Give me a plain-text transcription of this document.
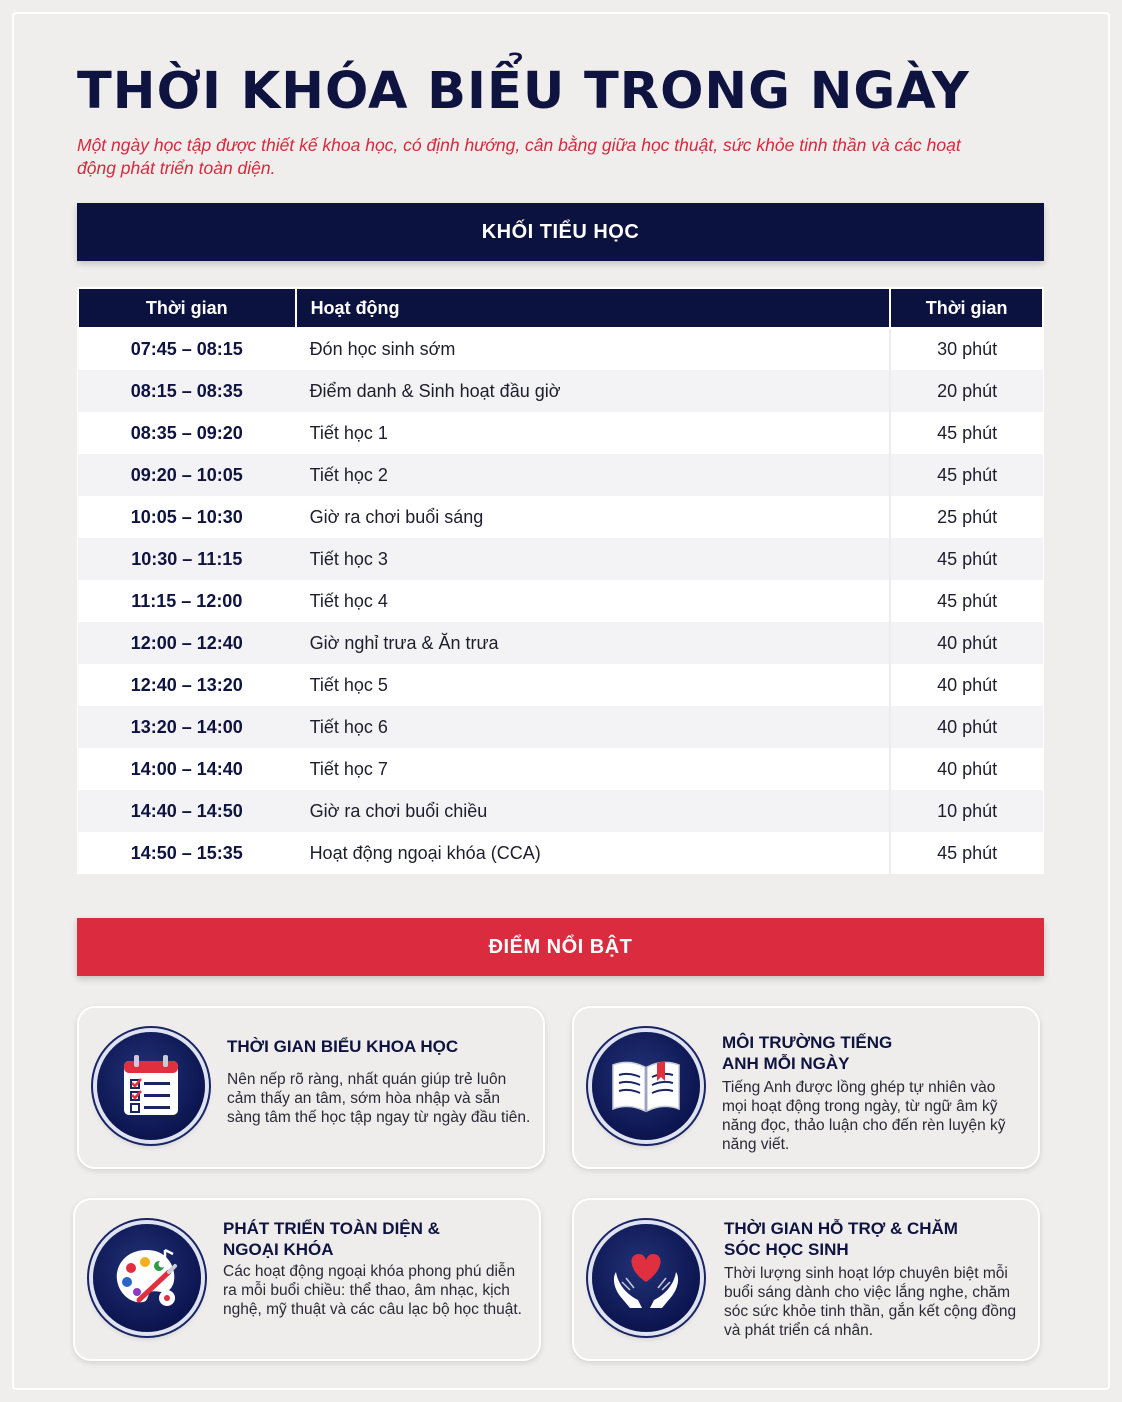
THỜI KHÓA BIỂU TRONG NGÀY

Một ngày học tập được thiết kế khoa học, có định hướng, cân bằng giữa học thuật, sức khỏe tinh thần và các hoạt động phát triển toàn diện.

KHỐI TIỂU HỌC
Thời gian	Hoạt động	Thời gian
07:45 – 08:15	Đón học sinh sớm	30 phút
08:15 – 08:35	Điểm danh & Sinh hoạt đầu giờ	20 phút
08:35 – 09:20	Tiết học 1	45 phút
09:20 – 10:05	Tiết học 2	45 phút
10:05 – 10:30	Giờ ra chơi buổi sáng	25 phút
10:30 – 11:15	Tiết học 3	45 phút
11:15 – 12:00	Tiết học 4	45 phút
12:00 – 12:40	Giờ nghỉ trưa & Ăn trưa	40 phút
12:40 – 13:20	Tiết học 5	40 phút
13:20 – 14:00	Tiết học 6	40 phút
14:00 – 14:40	Tiết học 7	40 phút
14:40 – 14:50	Giờ ra chơi buổi chiều	10 phút
14:50 – 15:35	Hoạt động ngoại khóa (CCA)	45 phút
ĐIỂM NỔI BẬT
THỜI GIAN BIỂU KHOA HỌC
Nên nếp rõ ràng, nhất quán giúp trẻ luôn cảm thấy an tâm, sớm hòa nhập và sẵn sàng tâm thế học tập ngay từ ngày đầu tiên.
MÔI TRƯỜNG TIẾNG ANH MỖI NGÀY
Tiếng Anh được lồng ghép tự nhiên vào mọi hoạt động trong ngày, từ ngữ âm kỹ năng đọc, thảo luận cho đến rèn luyện kỹ năng viết.
PHÁT TRIỂN TOÀN DIỆN & NGOẠI KHÓA
Các hoạt động ngoại khóa phong phú diễn ra mỗi buổi chiều: thể thao, âm nhạc, kịch nghệ, mỹ thuật và các câu lạc bộ học thuật.
THỜI GIAN HỖ TRỢ & CHĂM SÓC HỌC SINH
Thời lượng sinh hoạt lớp chuyên biệt mỗi buổi sáng dành cho việc lắng nghe, chăm sóc sức khỏe tinh thần, gắn kết cộng đồng và phát triển cá nhân.
